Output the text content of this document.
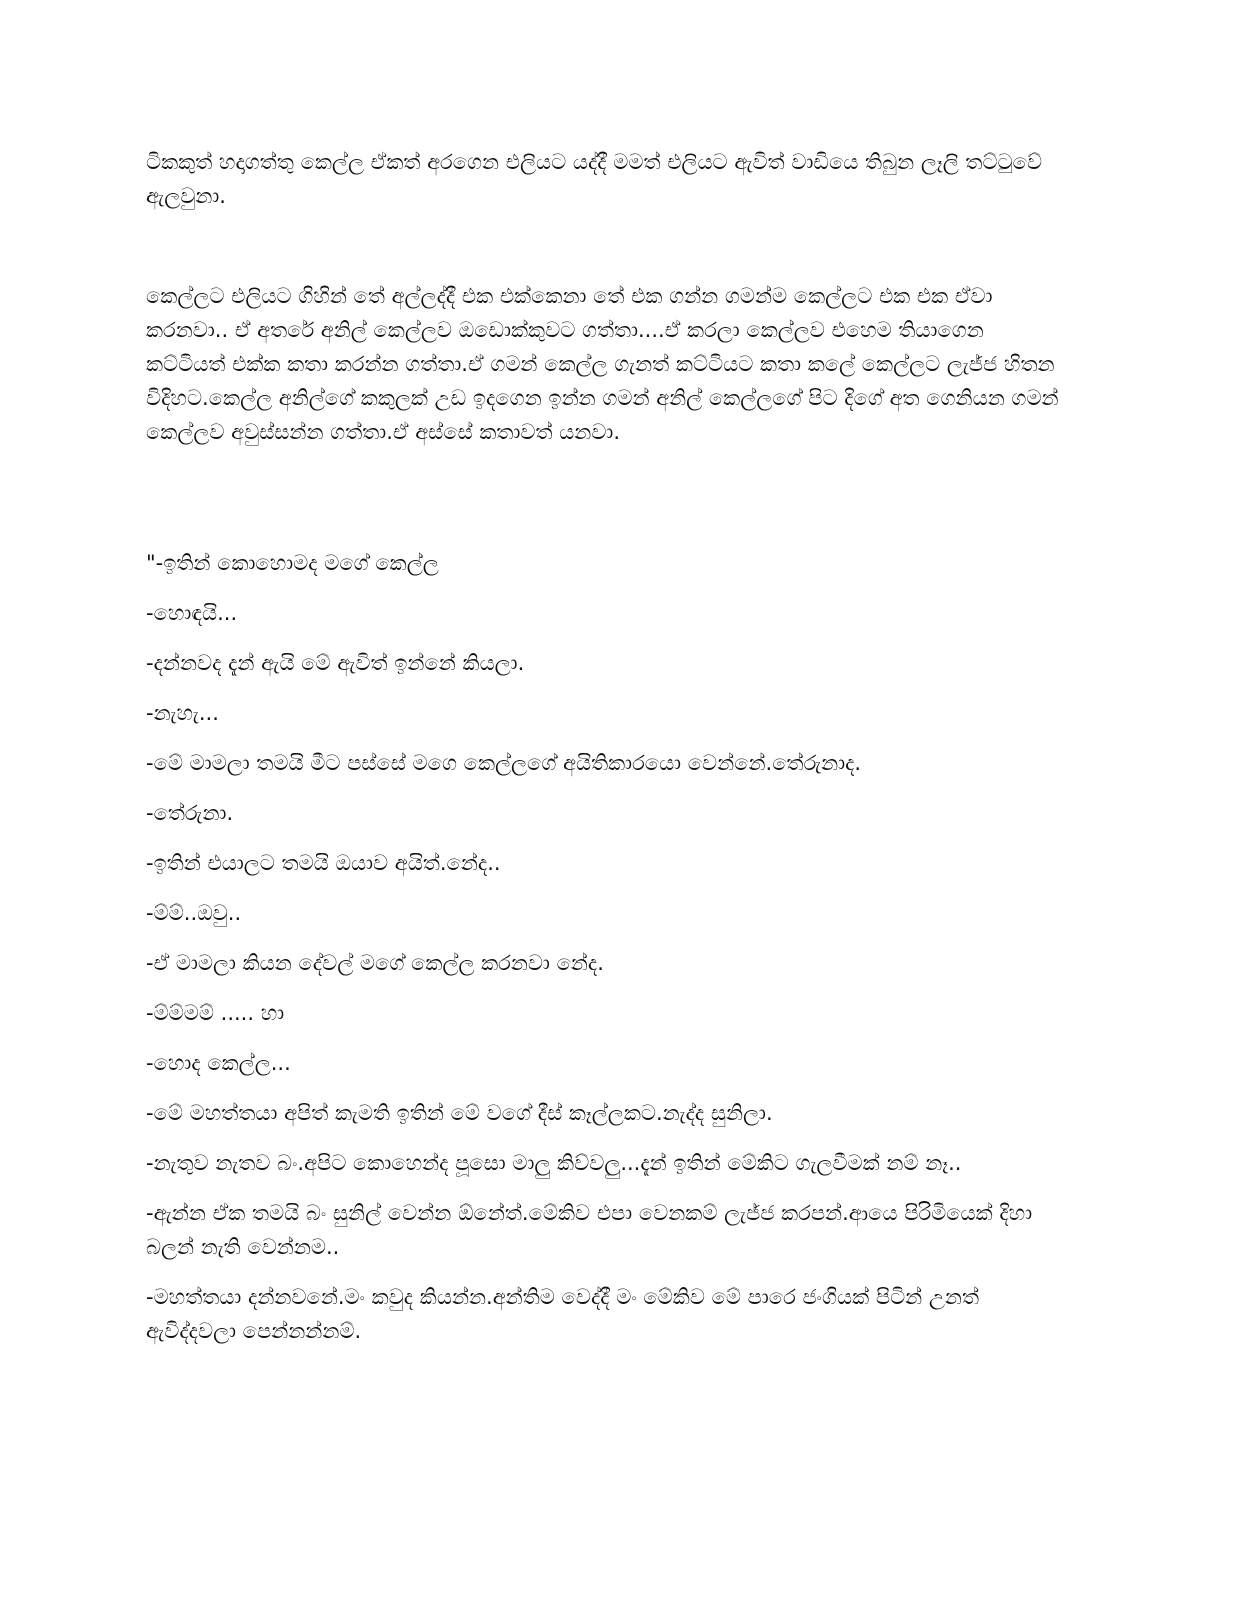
ටිකකුත් හදාගත්තු කෙල්ල ඒකත් අරගෙන එලියට යද්දී මමත් එලියට ඇවිත් වාඩියෙ තිබුන ලෑලි තට්ටුවේ ඇලවුනා.

කෙල්ලට එලියට ගිහින් තේ අල්ලද්දී එක එක්කෙනා තේ එක ගන්න ගමන්ම කෙල්ලට එක එක ඒවා කරනවා.. ඒ අතරේ අනිල් කෙල්ලව ඔඩොක්කුවට ගත්තා....ඒ කරලා කෙල්ලව එහෙම තියාගෙන කට්ටියත් එක්ක කතා කරන්න ගත්තා.ඒ ගමන් කෙල්ල ගැනත් කට්ටියට කතා කලේ කෙල්ලට ලැජ්ජ හිතන විදිහට.කෙල්ල අනිල්ගේ කකුලක් උඩ ඉදගෙන ඉන්න ගමන් අනිල් කෙල්ලගේ පිට දිගේ අත ගෙනියන ගමන් කෙල්ලව අවුස්සන්න ගත්තා.ඒ අස්සේ කතාවත් යනවා.

"-ඉතින් කොහොමද මගේ කෙල්ල
-හොඳයි...
-දන්නවද දැන් ඇයි මේ ඇවිත් ඉන්නේ කියලා.
-නැහැ...
-මේ මාමලා තමයි මීට පස්සේ මගෙ කෙල්ලගේ අයිතිකාරයො වෙන්නේ.තේරුනාද.
-තේරුනා.
-ඉතින් එයාලට තමයි ඔයාව අයිත්.නේද..
-ම්ම්..ඔවු..
-ඒ මාමලා කියන දේවල් මගේ කෙල්ල කරනවා නේද.
-ම්ම්මම් ..... හා
-හොද කෙල්ල...
-මේ මහත්තයා අපිත් කැමති ඉතින් මේ වගේ දීස් කෑල්ලකට.නැද්ද සුනිලා.
-නැතුව නැතව බං.අපිට කොහෙන්ද පූසො මාලු කිව්වලු...දැන් ඉතින් මේකිට ගැලවීමක් නම් නෑ..
-ඇන්න ඒක තමයි බං සුනිල් වෙන්න ඕනේත්.මේකිව එපා වෙනකම් ලැජ්ජ කරපන්.ආයෙ පිරිමියෙක් දිහා බලන් නැති වෙන්නම..
-මහත්තයා දන්නවනේ.මං කවුද කියන්න.අන්තිම වෙද්දී මං මේකිව මේ පාරෙ ජංගියක් පිටින් උනත් ඇවිද්දවලා පෙන්නන්නම්.
